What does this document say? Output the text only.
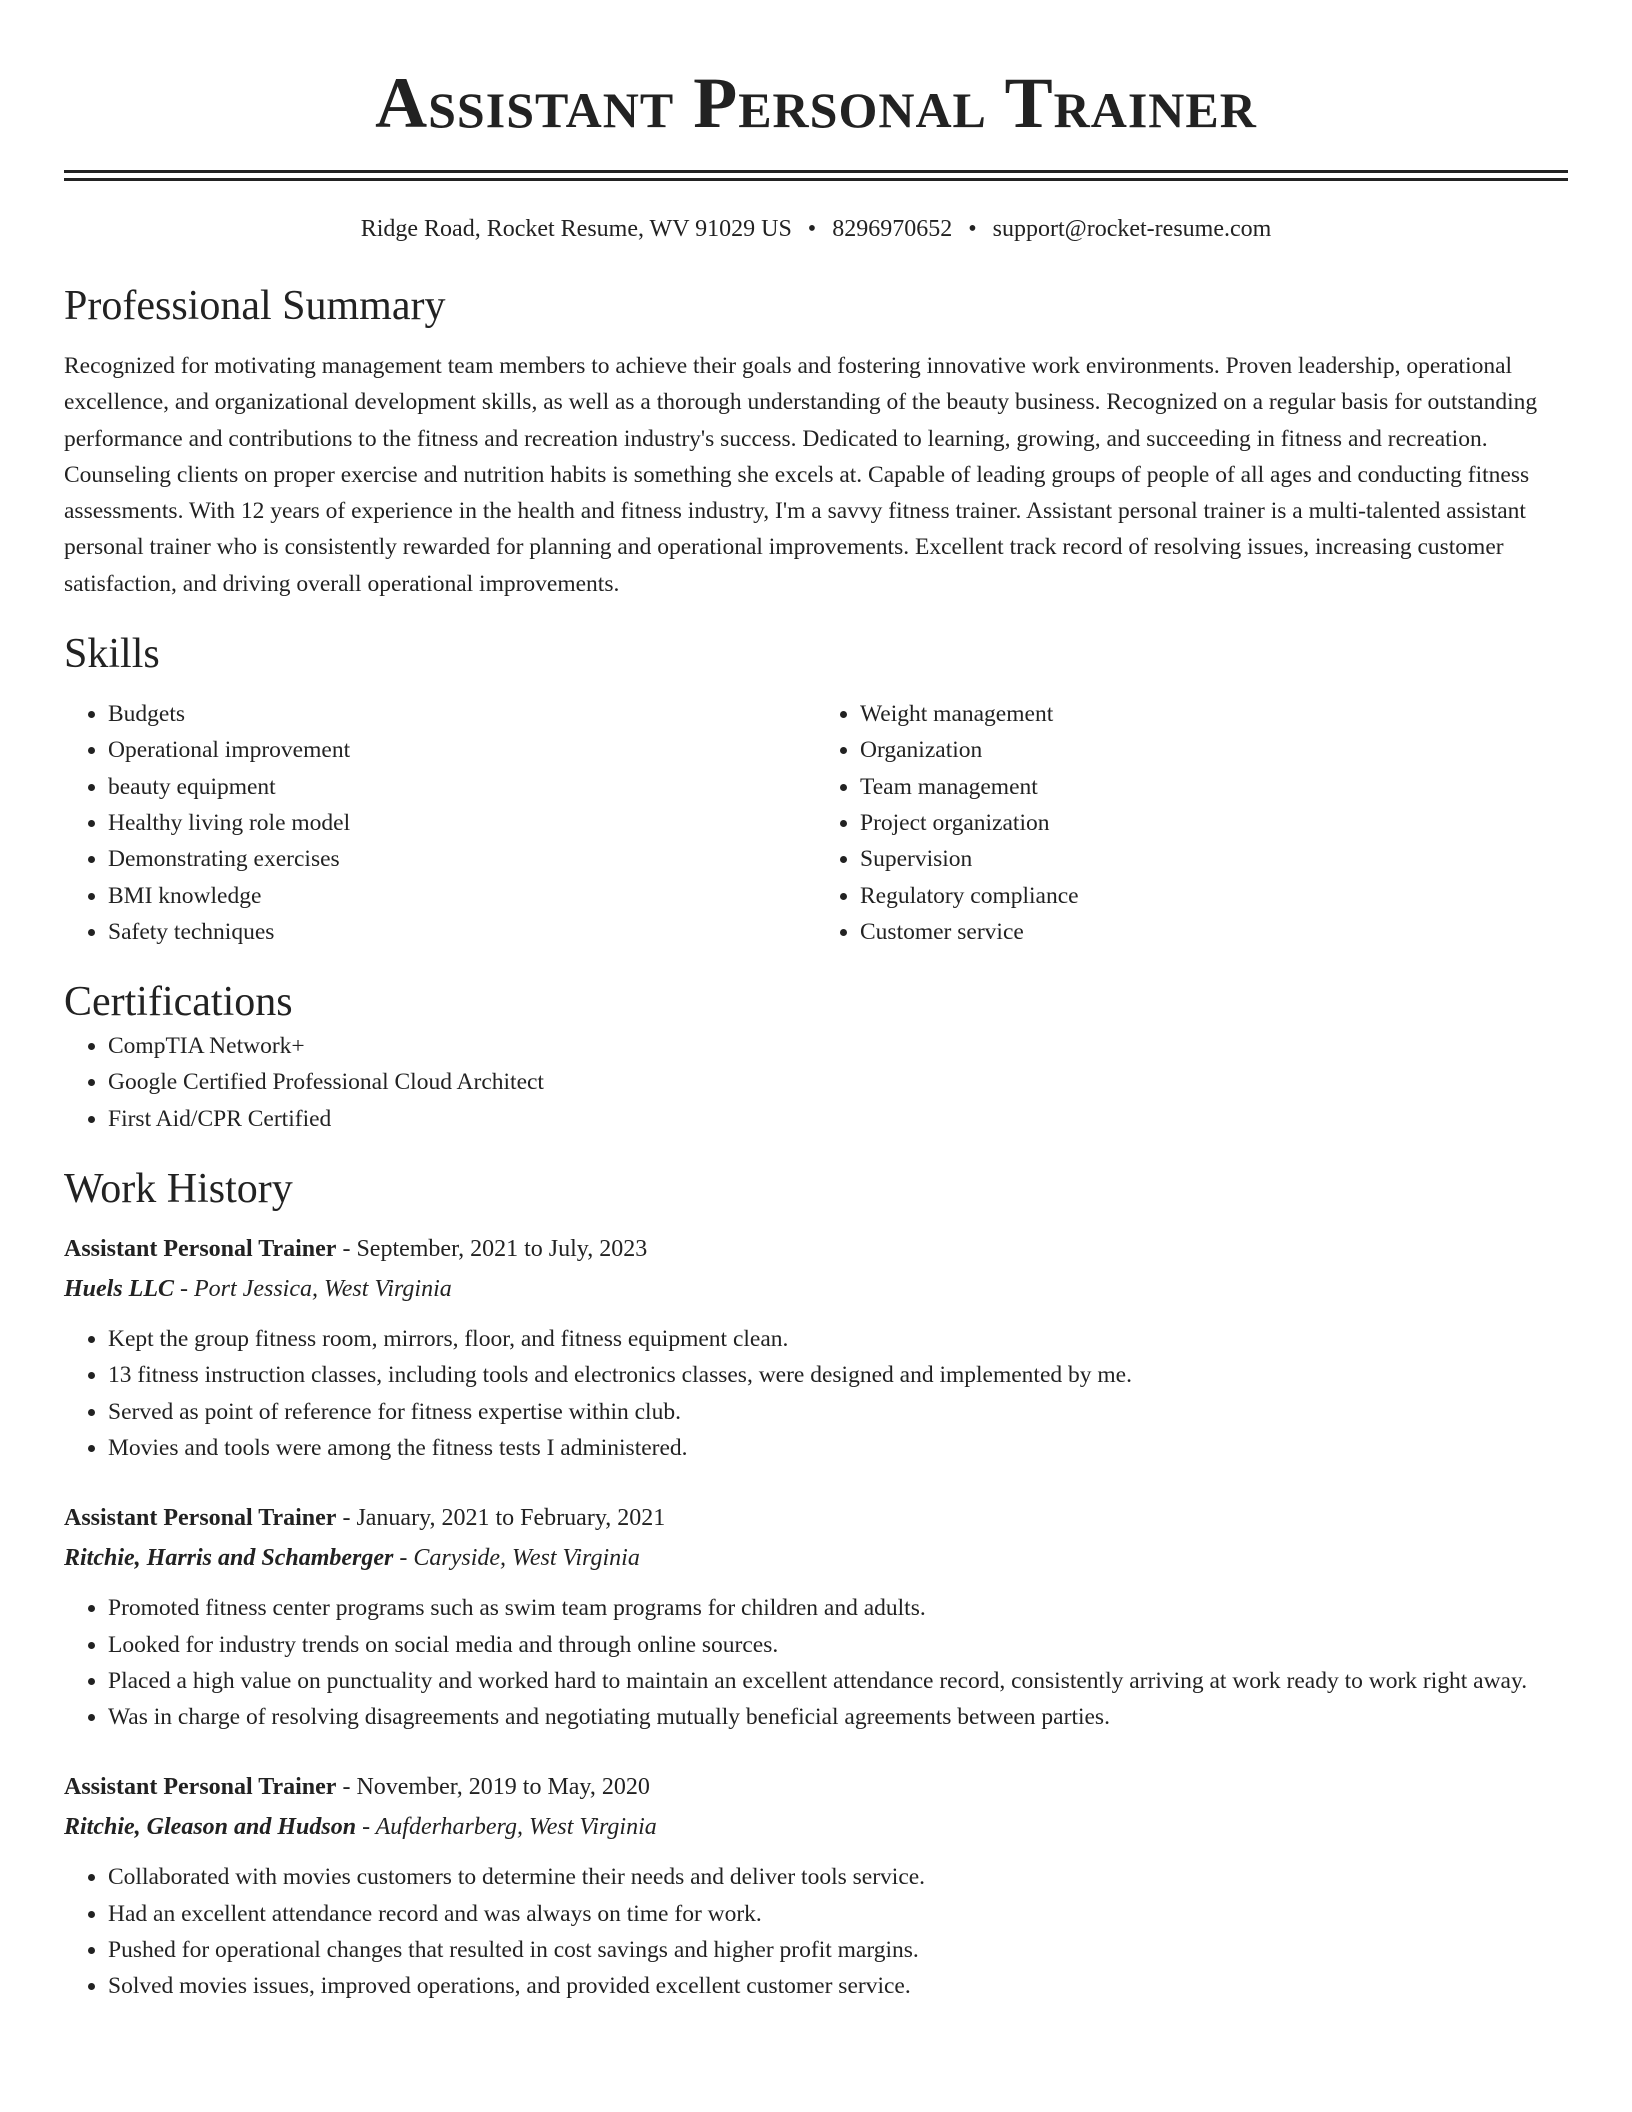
Assistant Personal Trainer
Ridge Road, Rocket Resume, WV 91029 US • 8296970652 • support@rocket-resume.com
Professional Summary

Recognized for motivating management team members to achieve their goals and fostering innovative work environments. Proven leadership, operational excellence, and organizational development skills, as well as a thorough understanding of the beauty business. Recognized on a regular basis for outstanding performance and contributions to the fitness and recreation industry's success. Dedicated to learning, growing, and succeeding in fitness and recreation. Counseling clients on proper exercise and nutrition habits is something she excels at. Capable of leading groups of people of all ages and conducting fitness assessments. With 12 years of experience in the health and fitness industry, I'm a savvy fitness trainer. Assistant personal trainer is a multi-talented assistant personal trainer who is consistently rewarded for planning and operational improvements. Excellent track record of resolving issues, increasing customer satisfaction, and driving overall operational improvements.

Skills
• Budgets
• Operational improvement
• beauty equipment
• Healthy living role model
• Demonstrating exercises
• BMI knowledge
• Safety techniques
• Weight management
• Organization
• Team management
• Project organization
• Supervision
• Regulatory compliance
• Customer service
Certifications
• CompTIA Network+
• Google Certified Professional Cloud Architect
• First Aid/CPR Certified
Work History
Assistant Personal Trainer - September, 2021 to July, 2023
Huels LLC - Port Jessica, West Virginia
• Kept the group fitness room, mirrors, floor, and fitness equipment clean.
• 13 fitness instruction classes, including tools and electronics classes, were designed and implemented by me.
• Served as point of reference for fitness expertise within club.
• Movies and tools were among the fitness tests I administered.
Assistant Personal Trainer - January, 2021 to February, 2021
Ritchie, Harris and Schamberger - Caryside, West Virginia
• Promoted fitness center programs such as swim team programs for children and adults.
• Looked for industry trends on social media and through online sources.
• Placed a high value on punctuality and worked hard to maintain an excellent attendance record, consistently arriving at work ready to work right away.
• Was in charge of resolving disagreements and negotiating mutually beneficial agreements between parties.
Assistant Personal Trainer - November, 2019 to May, 2020
Ritchie, Gleason and Hudson - Aufderharberg, West Virginia
• Collaborated with movies customers to determine their needs and deliver tools service.
• Had an excellent attendance record and was always on time for work.
• Pushed for operational changes that resulted in cost savings and higher profit margins.
• Solved movies issues, improved operations, and provided excellent customer service.
